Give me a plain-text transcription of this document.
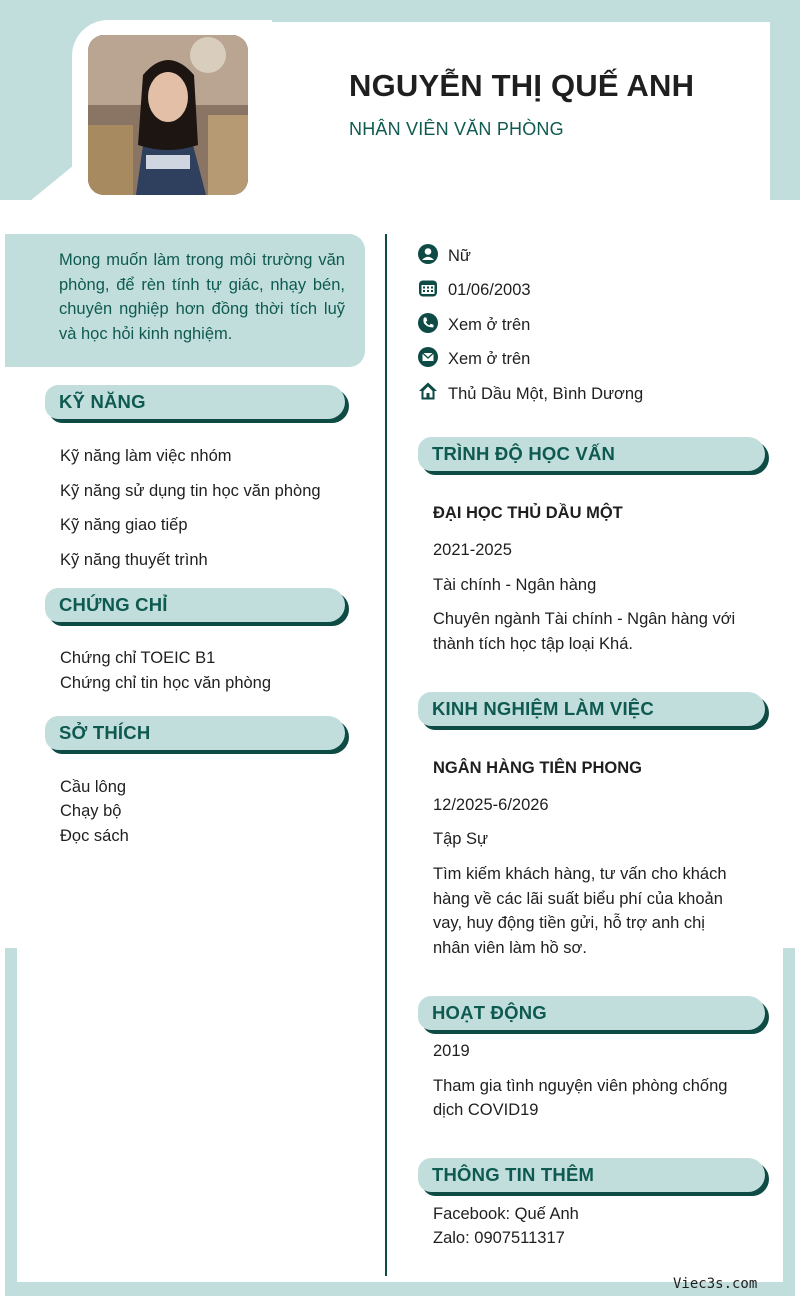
NGUYỄN THỊ QUẾ ANH
NHÂN VIÊN VĂN PHÒNG

Mong muốn làm trong môi trường văn phòng, để rèn tính tự giác, nhạy bén, chuyên nghiệp hơn đồng thời tích luỹ và học hỏi kinh nghiệm.

Nữ
01/06/2003
Xem ở trên
Xem ở trên
Thủ Dầu Một, Bình Dương
KỸ NĂNG
Kỹ năng làm việc nhóm
Kỹ năng sử dụng tin học văn phòng
Kỹ năng giao tiếp
Kỹ năng thuyết trình
CHỨNG CHỈ
Chứng chỉ TOEIC B1
Chứng chỉ tin học văn phòng
SỞ THÍCH
Cầu lông
Chạy bộ
Đọc sách
TRÌNH ĐỘ HỌC VẤN
ĐẠI HỌC THỦ DẦU MỘT
2021-2025
Tài chính - Ngân hàng
Chuyên ngành Tài chính - Ngân hàng với
thành tích học tập loại Khá.
KINH NGHIỆM LÀM VIỆC
NGÂN HÀNG TIÊN PHONG
12/2025-6/2026
Tập Sự
Tìm kiếm khách hàng, tư vấn cho khách
hàng về các lãi suất biểu phí của khoản
vay, huy động tiền gửi, hỗ trợ anh chị
nhân viên làm hồ sơ.
HOẠT ĐỘNG
2019
Tham gia tình nguyện viên phòng chống
dịch COVID19
THÔNG TIN THÊM
Facebook: Quế Anh
Zalo: 0907511317
Viec3s.com
